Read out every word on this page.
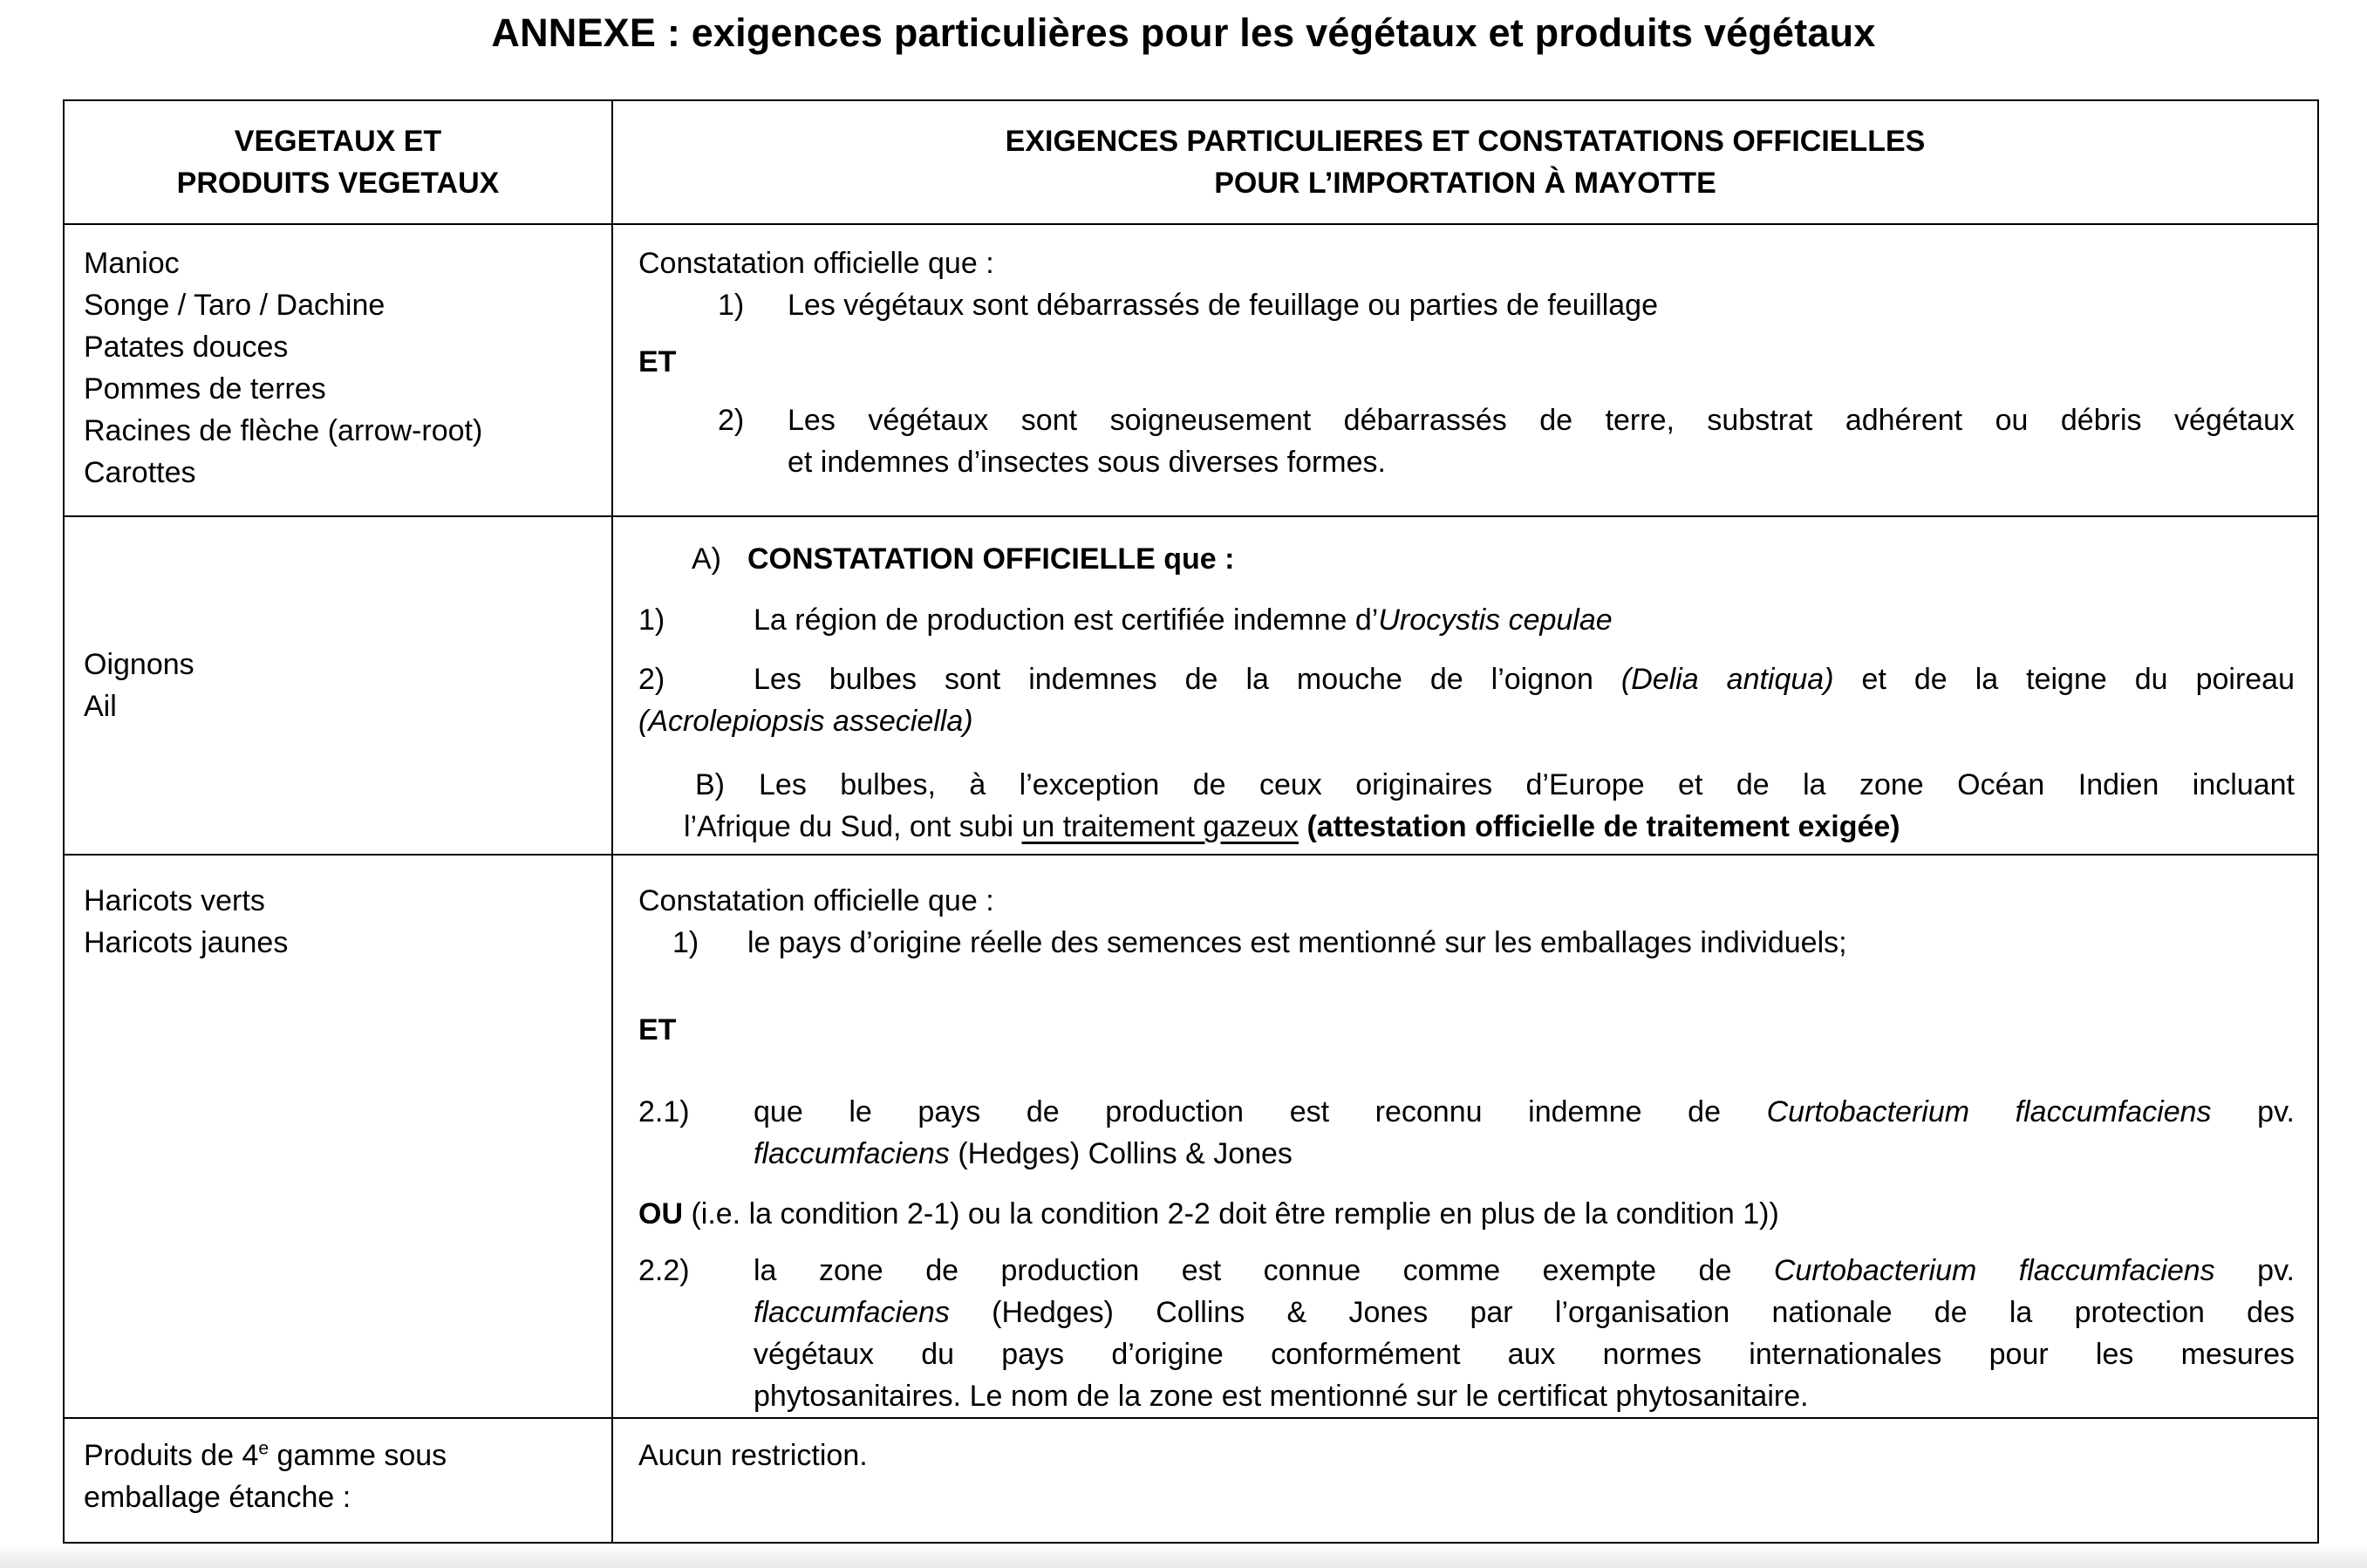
ANNEXE : exigences particulières pour les végétaux et produits végétaux
VEGETAUX ET
PRODUITS VEGETAUX
EXIGENCES PARTICULIERES ET CONSTATATIONS OFFICIELLES
POUR L’IMPORTATION À MAYOTTE
Manioc
Songe / Taro / Dachine
Patates douces
Pommes de terres
Racines de flèche (arrow-root)
Carottes
Constatation officielle que :
1) Les végétaux sont débarrassés de feuillage ou parties de feuillage
ET
2) Les végétaux sont soigneusement débarrassés de terre, substrat adhérent ou débris végétaux
et indemnes d’insectes sous diverses formes.
Oignons
Ail
A) CONSTATATION OFFICIELLE que :
1)	La région de production est certifiée indemne d’Urocystis cepulae
2)	Les bulbes sont indemnes de la mouche de l’oignon (Delia antiqua) et de la teigne du poireau
(Acrolepiopsis asseciella)
B) Les bulbes, à l’exception de ceux originaires d’Europe et de la zone Océan Indien incluant
l’Afrique du Sud, ont subi un traitement gazeux (attestation officielle de traitement exigée)
Haricots verts
Haricots jaunes
Constatation officielle que :
1) le pays d’origine réelle des semences est mentionné sur les emballages individuels;
ET
2.1) que le pays de production est reconnu indemne de Curtobacterium flaccumfaciens pv.
flaccumfaciens (Hedges) Collins & Jones
OU (i.e. la condition 2-1) ou la condition 2-2 doit être remplie en plus de la condition 1))
2.2) la zone de production est connue comme exempte de Curtobacterium flaccumfaciens pv.
flaccumfaciens (Hedges) Collins & Jones par l’organisation nationale de la protection des
végétaux du pays d’origine conformément aux normes internationales pour les mesures
phytosanitaires. Le nom de la zone est mentionné sur le certificat phytosanitaire.
Produits de 4e gamme sous
emballage étanche :
Aucun restriction.
